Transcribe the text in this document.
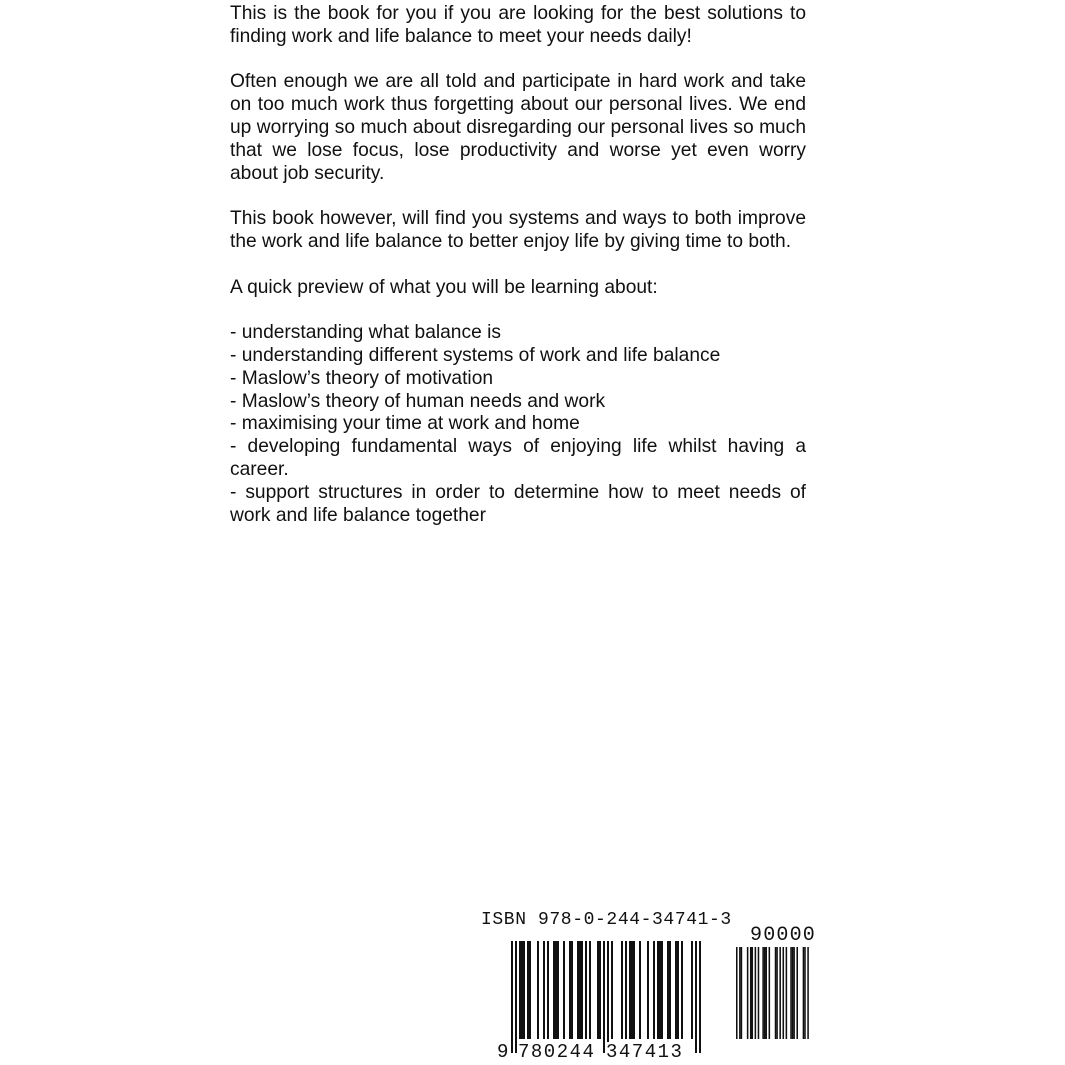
This is the book for you if you are looking for the best solutions to finding work and life balance to meet your needs daily!

Often enough we are all told and participate in hard work and take on too much work thus forgetting about our personal lives. We end up worrying so much about disregarding our personal lives so much that we lose focus, lose productivity and worse yet even worry about job security.

This book however, will find you systems and ways to both improve the work and life balance to better enjoy life by giving time to both.

A quick preview of what you will be learning about:

- understanding what balance is
- understanding different systems of work and life balance
- Maslow’s theory of motivation
- Maslow’s theory of human needs and work
- maximising your time at work and home
- developing fundamental ways of enjoying life whilst having a career.
- support structures in order to determine how to meet needs of work and life balance together
ISBN 978-0-244-34741-3
90000
9 780244 347413
